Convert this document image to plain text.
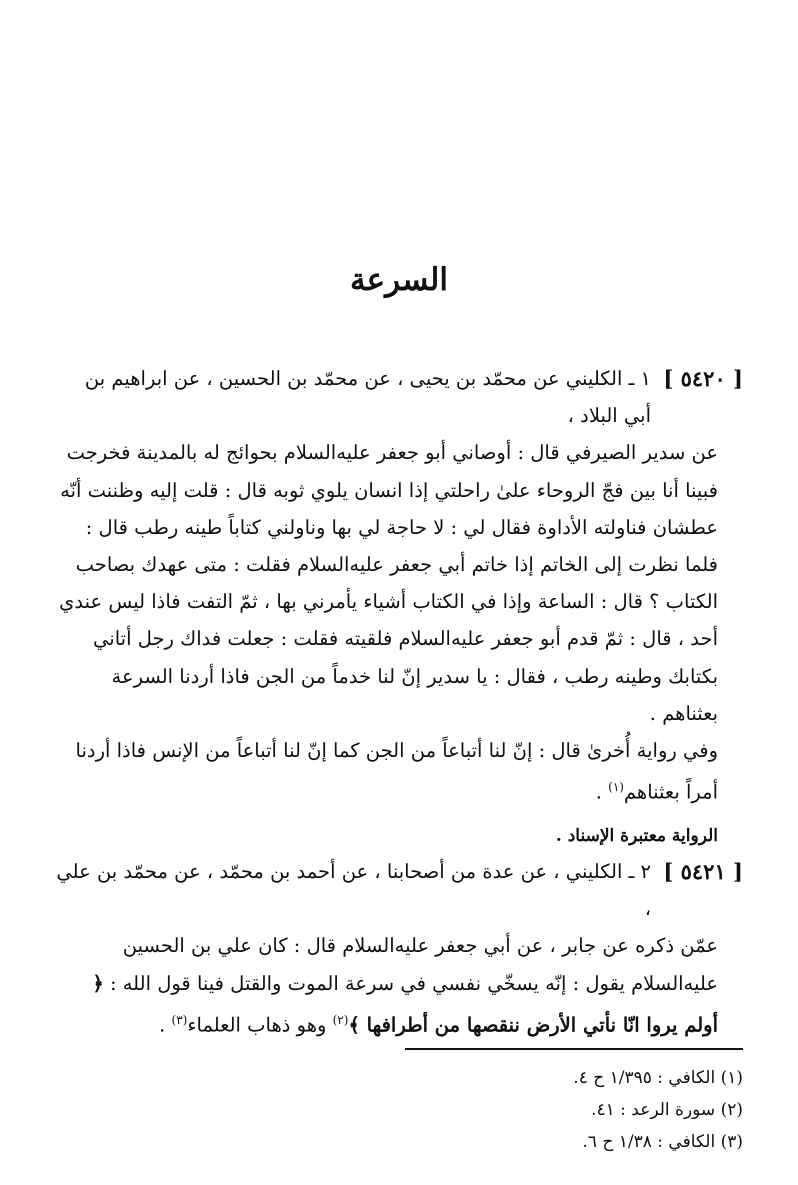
السرعة
[ ٥٤٢٠ ]
١ ـ الكليني عن محمّد بن يحيى ، عن محمّد بن الحسين ، عن ابراهيم بن أبي البلاد ،
عن سدير الصيرفي قال : أوصاني أبو جعفر عليه‌السلام بحوائج له بالمدينة فخرجت فبينا أنا بين فجّ الروحاء علىٰ راحلتي إذا انسان يلوي ثوبه قال : قلت إليه وظننت أنّه عطشان فناولته الأداوة فقال لي : لا حاجة لي بها وناولني كتاباً طينه رطب قال : فلما نظرت إلى الخاتم إذا خاتم أبي جعفر عليه‌السلام فقلت : متى عهدك بصاحب الكتاب ؟ قال : الساعة وإذا في الكتاب أشياء يأمرني بها ، ثمّ التفت فاذا ليس عندي أحد ، قال : ثمّ قدم أبو جعفر عليه‌السلام فلقيته فقلت : جعلت فداك رجل أتاني بكتابك وطينه رطب ، فقال : يا سدير إنّ لنا خدماً من الجن فاذا أردنا السرعة بعثناهم .

وفي رواية أُخرىٰ قال : إنّ لنا أتباعاً من الجن كما إنّ لنا أتباعاً من الإنس فاذا أردنا أمراً بعثناهم$^{(١)}$ .

الرواية معتبرة الإسناد .

[ ٥٤٢١ ]
٢ ـ الكليني ، عن عدة من أصحابنا ، عن أحمد بن محمّد ، عن محمّد بن علي ،
عمّن ذكره عن جابر ، عن أبي جعفر عليه‌السلام قال : كان علي بن الحسين عليه‌السلام يقول : إنّه يسخّي نفسي في سرعة الموت والقتل فينا قول الله : ﴿ أولم يروا انّا نأتي الأرض ننقصها من أطرافها ﴾$^{(٢)}$ وهو ذهاب العلماء$^{(٣)}$ .
(١) الكافي : ١/٣٩٥ ح ٤.
(٢) سورة الرعد : ٤١.
(٣) الكافي : ١/٣٨ ح ٦.
